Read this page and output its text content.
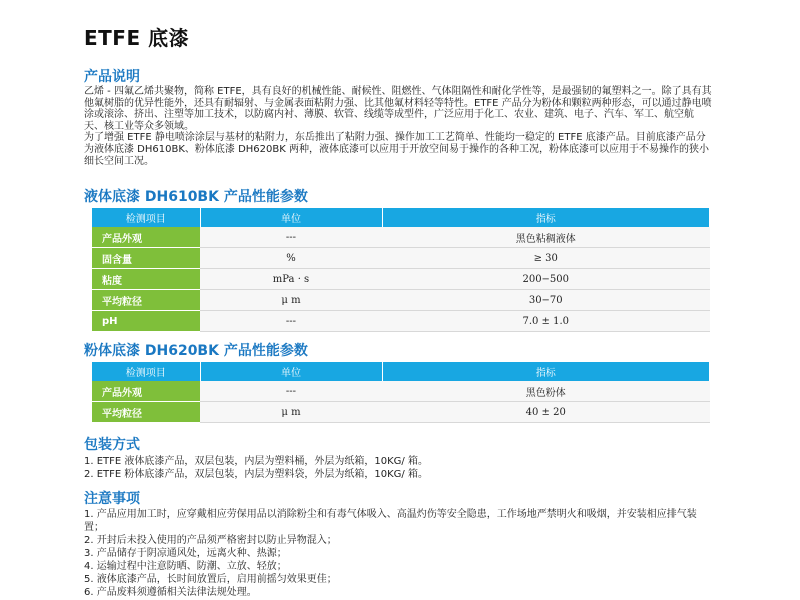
ETFE 底漆
产品说明

乙烯 - 四氟乙烯共聚物，简称 ETFE，具有良好的机械性能、耐候性、阻燃性、气体阻隔性和耐化学性等，是最强韧的氟塑料之一。除了具有其他氟树脂的优异性能外，还具有耐辐射、与金属表面粘附力强、比其他氟材料轻等特性。ETFE 产品分为粉体和颗粒两种形态，可以通过静电喷涂或滚涂、挤出、注塑等加工技术，以防腐内衬、薄膜、软管、线缆等成型件，广泛应用于化工、农业、建筑、电子、汽车、军工、航空航天、核工业等众多领域。

为了增强 ETFE 静电喷涂涂层与基材的粘附力，东岳推出了粘附力强、操作加工工艺简单、性能均一稳定的 ETFE 底漆产品。目前底漆产品分为液体底漆 DH610BK、粉体底漆 DH620BK 两种，液体底漆可以应用于开放空间易于操作的各种工况，粉体底漆可以应用于不易操作的狭小细长空间工况。

液体底漆 DH610BK 产品性能参数
检测项目	单位	指标
产品外观	---	黑色粘稠液体
固含量	%	≥ 30
粘度	mPa · s	200−500
平均粒径	μ m	30−70
pH	---	7.0 ± 1.0
粉体底漆 DH620BK 产品性能参数
检测项目	单位	指标
产品外观	---	黑色粉体
平均粒径	μ m	40 ± 20
包装方式
1. ETFE 液体底漆产品，双层包装，内层为塑料桶，外层为纸箱，10KG/ 箱。
2. ETFE 粉体底漆产品，双层包装，内层为塑料袋，外层为纸箱，10KG/ 箱。
注意事项
1. 产品应用加工时，应穿戴相应劳保用品以消除粉尘和有毒气体吸入、高温灼伤等安全隐患，工作场地严禁明火和吸烟，并安装相应排气装置；
2. 开封后未投入使用的产品须严格密封以防止异物混入；
3. 产品储存于阴凉通风处，远离火种、热源；
4. 运输过程中注意防晒、防潮、立放、轻放；
5. 液体底漆产品，长时间放置后，启用前摇匀效果更佳；
6. 产品废料须遵循相关法律法规处理。
